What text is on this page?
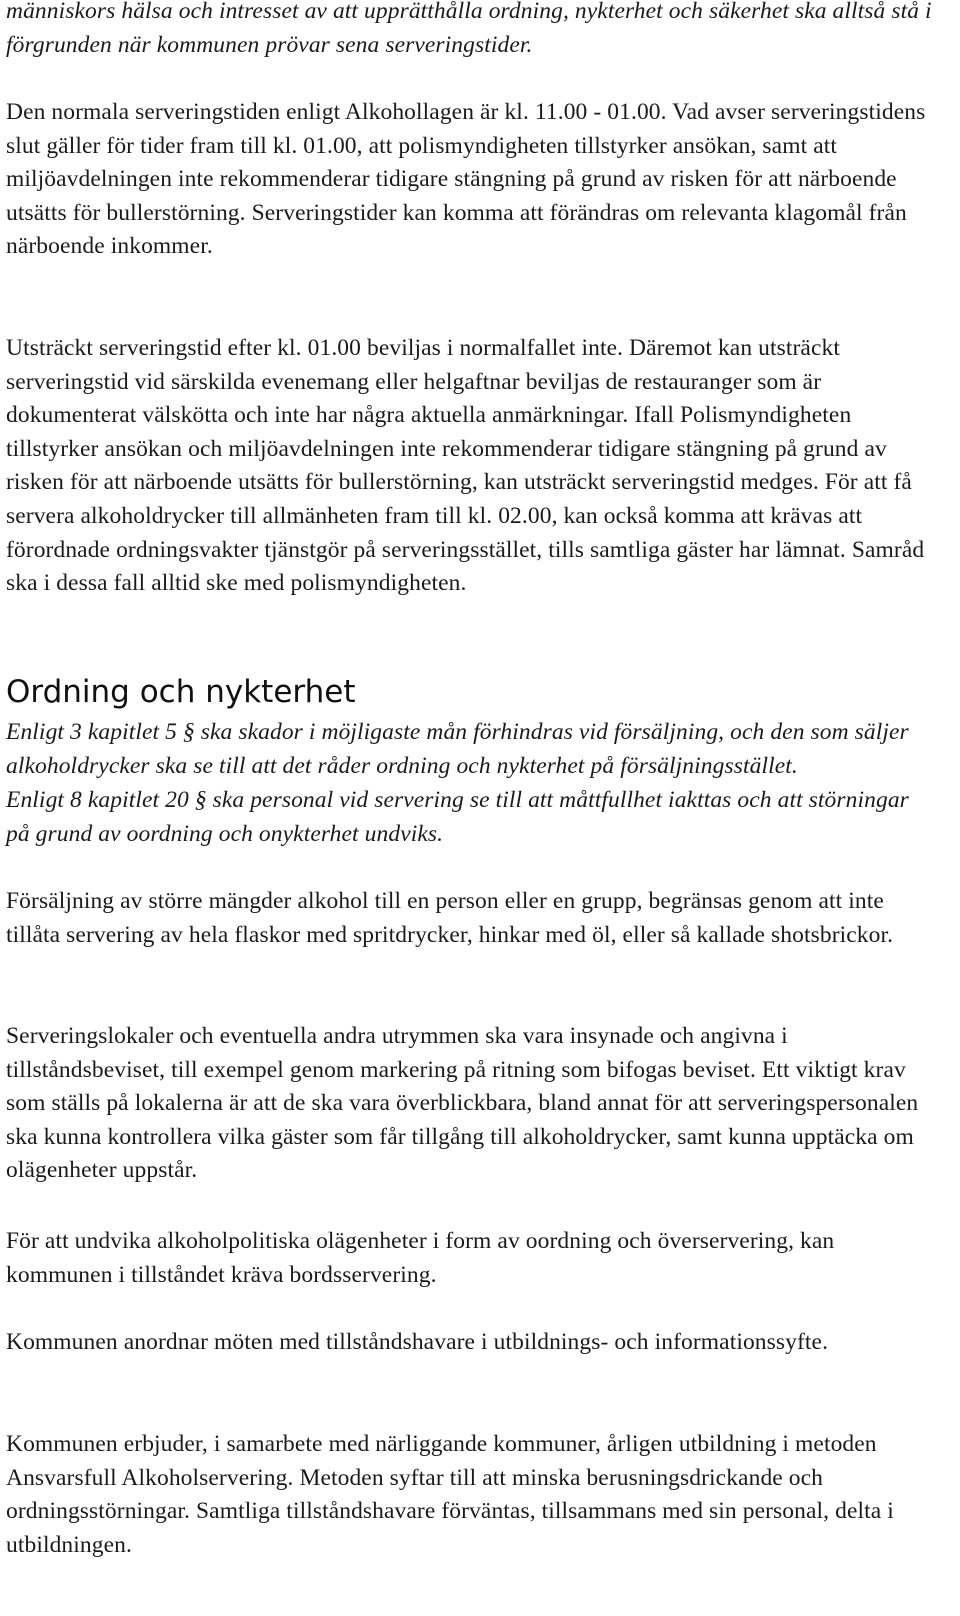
människors hälsa och intresset av att upprätthålla ordning, nykterhet och säkerhet ska alltså stå i förgrunden när kommunen prövar sena serveringstider.

Den normala serveringstiden enligt Alkohollagen är kl. 11.00 - 01.00. Vad avser serveringstidens slut gäller för tider fram till kl. 01.00, att polismyndigheten tillstyrker ansökan, samt att miljöavdelningen inte rekommenderar tidigare stängning på grund av risken för att närboende utsätts för bullerstörning. Serveringstider kan komma att förändras om relevanta klagomål från närboende inkommer.

Utsträckt serveringstid efter kl. 01.00 beviljas i normalfallet inte. Däremot kan utsträckt serveringstid vid särskilda evenemang eller helgaftnar beviljas de restauranger som är dokumenterat välskötta och inte har några aktuella anmärkningar. Ifall Polismyndigheten tillstyrker ansökan och miljöavdelningen inte rekommenderar tidigare stängning på grund av risken för att närboende utsätts för bullerstörning, kan utsträckt serveringstid medges. För att få servera alkoholdrycker till allmänheten fram till kl. 02.00, kan också komma att krävas att förordnade ordningsvakter tjänstgör på serveringsstället, tills samtliga gäster har lämnat. Samråd ska i dessa fall alltid ske med polismyndigheten.

Ordning och nykterhet

Enligt 3 kapitlet 5 § ska skador i möjligaste mån förhindras vid försäljning, och den som säljer alkoholdrycker ska se till att det råder ordning och nykterhet på försäljningsstället.

Enligt 8 kapitlet 20 § ska personal vid servering se till att måttfullhet iakttas och att störningar på grund av oordning och onykterhet undviks.

Försäljning av större mängder alkohol till en person eller en grupp, begränsas genom att inte tillåta servering av hela flaskor med spritdrycker, hinkar med öl, eller så kallade shotsbrickor.

Serveringslokaler och eventuella andra utrymmen ska vara insynade och angivna i tillståndsbeviset, till exempel genom markering på ritning som bifogas beviset. Ett viktigt krav som ställs på lokalerna är att de ska vara överblickbara, bland annat för att serveringspersonalen ska kunna kontrollera vilka gäster som får tillgång till alkoholdrycker, samt kunna upptäcka om olägenheter uppstår.

För att undvika alkoholpolitiska olägenheter i form av oordning och överservering, kan kommunen i tillståndet kräva bordsservering.

Kommunen anordnar möten med tillståndshavare i utbildnings- och informationssyfte.

Kommunen erbjuder, i samarbete med närliggande kommuner, årligen utbildning i metoden Ansvarsfull Alkoholservering. Metoden syftar till att minska berusningsdrickande och ordningsstörningar. Samtliga tillståndshavare förväntas, tillsammans med sin personal, delta i utbildningen.
